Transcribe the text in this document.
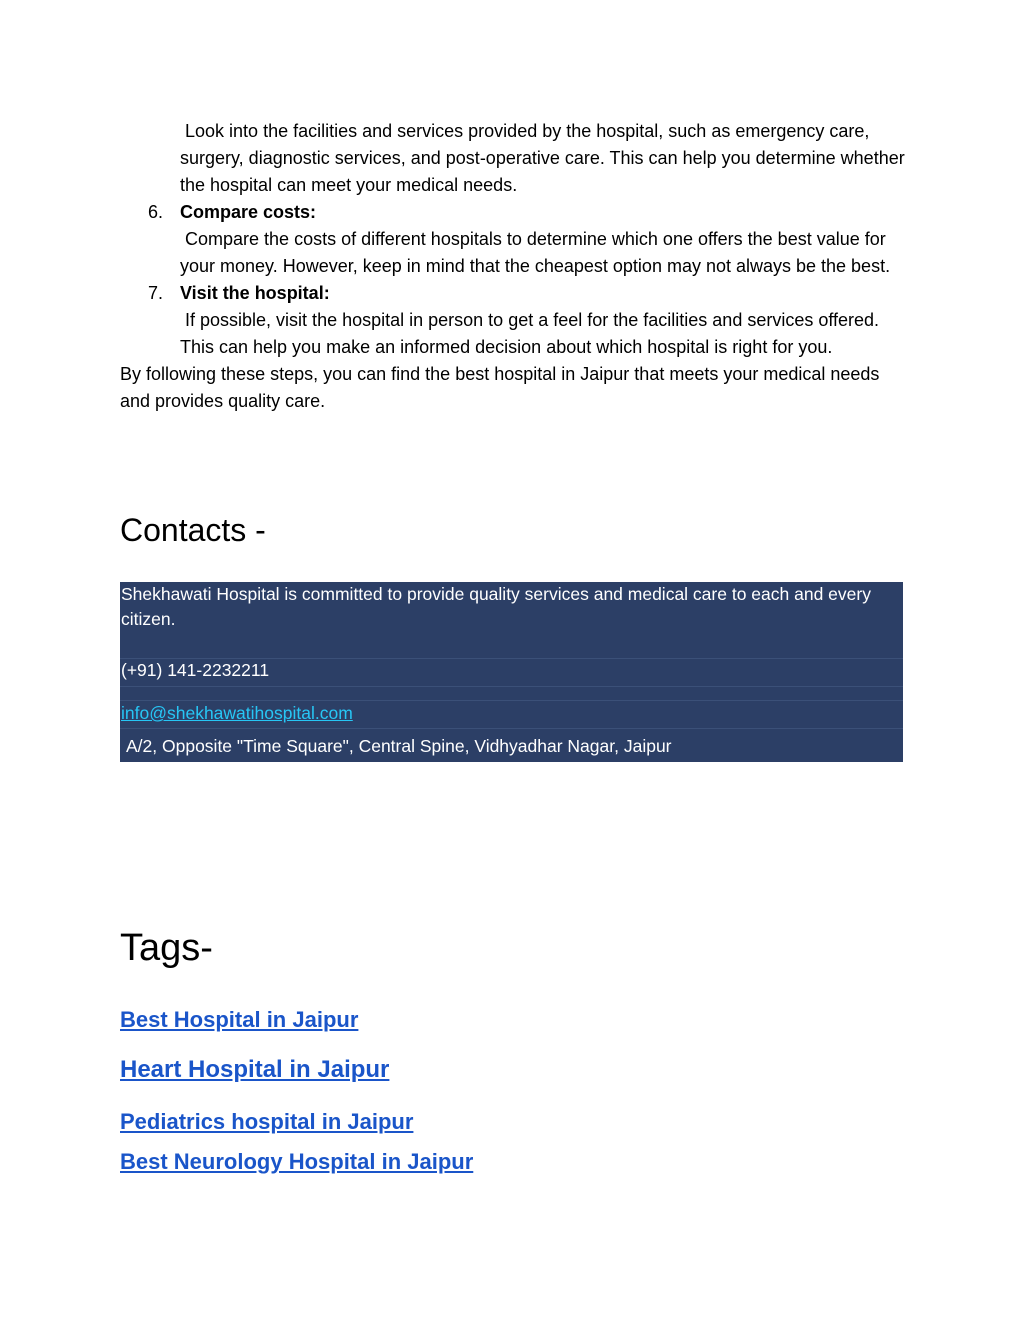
Look into the facilities and services provided by the hospital, such as emergency care, surgery, diagnostic services, and post-operative care. This can help you determine whether the hospital can meet your medical needs.
6. Compare costs:
Compare the costs of different hospitals to determine which one offers the best value for your money. However, keep in mind that the cheapest option may not always be the best.
7. Visit the hospital:
If possible, visit the hospital in person to get a feel for the facilities and services offered. This can help you make an informed decision about which hospital is right for you.
By following these steps, you can find the best hospital in Jaipur that meets your medical needs and provides quality care.
Contacts -
Shekhawati Hospital is committed to provide quality services and medical care to each and every citizen.
(+91) 141-2232211
info@shekhawatihospital.com
A/2, Opposite "Time Square", Central Spine, Vidhyadhar Nagar, Jaipur
Tags-
Best Hospital in Jaipur
Heart Hospital in Jaipur
Pediatrics hospital in Jaipur
Best Neurology Hospital in Jaipur
